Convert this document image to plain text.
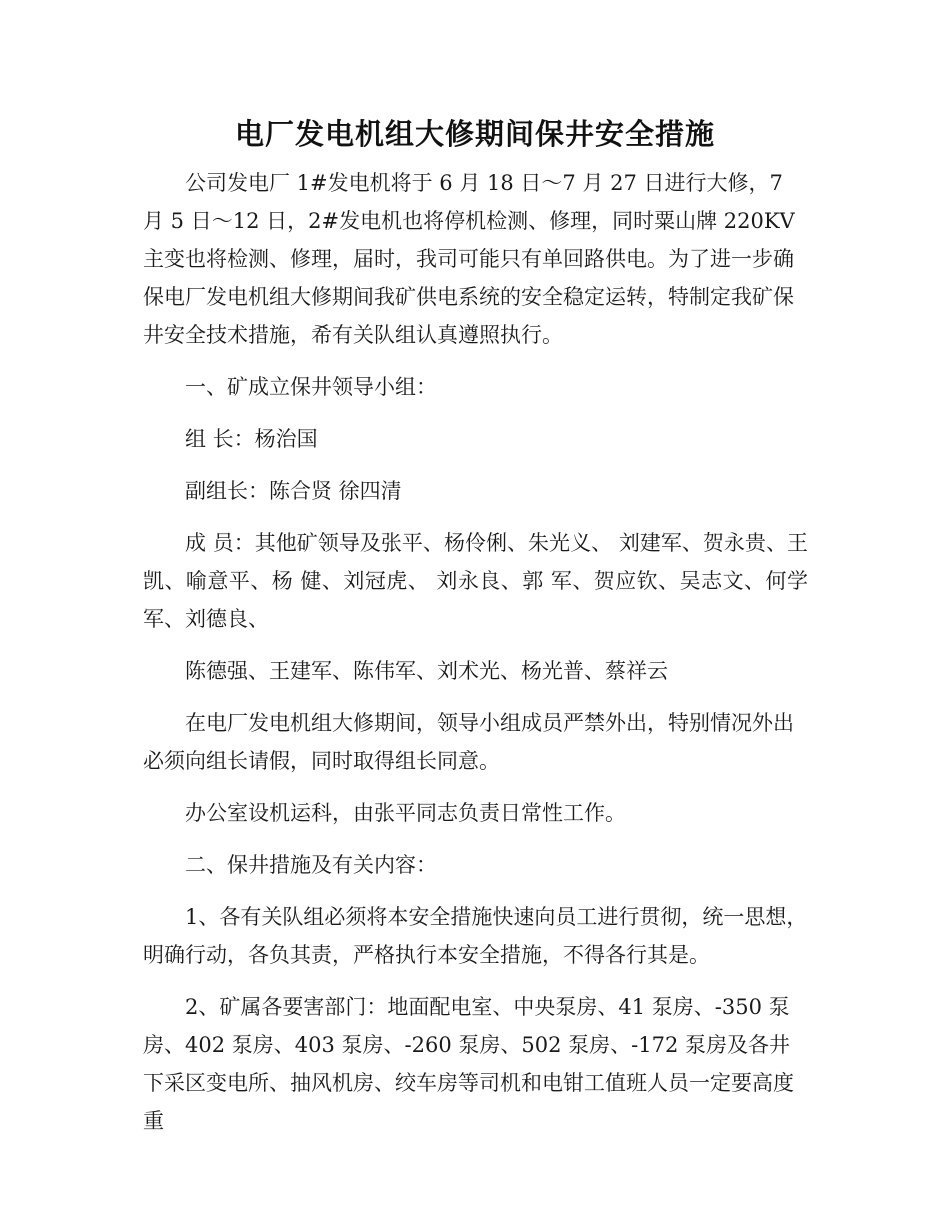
电厂发电机组大修期间保井安全措施

公司发电厂 1#发电机将于 6 月 18 日～7 月 27 日进行大修，7 月 5 日～12 日，2#发电机也将停机检测、修理，同时粟山牌 220KV 主变也将检测、修理，届时，我司可能只有单回路供电。为了进一步确保电厂发电机组大修期间我矿供电系统的安全稳定运转，特制定我矿保井安全技术措施，希有关队组认真遵照执行。

一、矿成立保井领导小组：

组 长：杨治国

副组长：陈合贤 徐四清

成 员：其他矿领导及张平、杨伶俐、朱光义、 刘建军、贺永贵、王 凯、喻意平、杨 健、刘冠虎、 刘永良、郭 军、贺应钦、吴志文、何学军、刘德良、

陈德强、王建军、陈伟军、刘术光、杨光普、蔡祥云

在电厂发电机组大修期间，领导小组成员严禁外出，特别情况外出必须向组长请假，同时取得组长同意。

办公室设机运科，由张平同志负责日常性工作。

二、保井措施及有关内容：

1、各有关队组必须将本安全措施快速向员工进行贯彻，统一思想，明确行动，各负其责，严格执行本安全措施，不得各行其是。

2、矿属各要害部门：地面配电室、中央泵房、41 泵房、-350 泵房、402 泵房、403 泵房、-260 泵房、502 泵房、-172 泵房及各井下采区变电所、抽风机房、绞车房等司机和电钳工值班人员一定要高度重
